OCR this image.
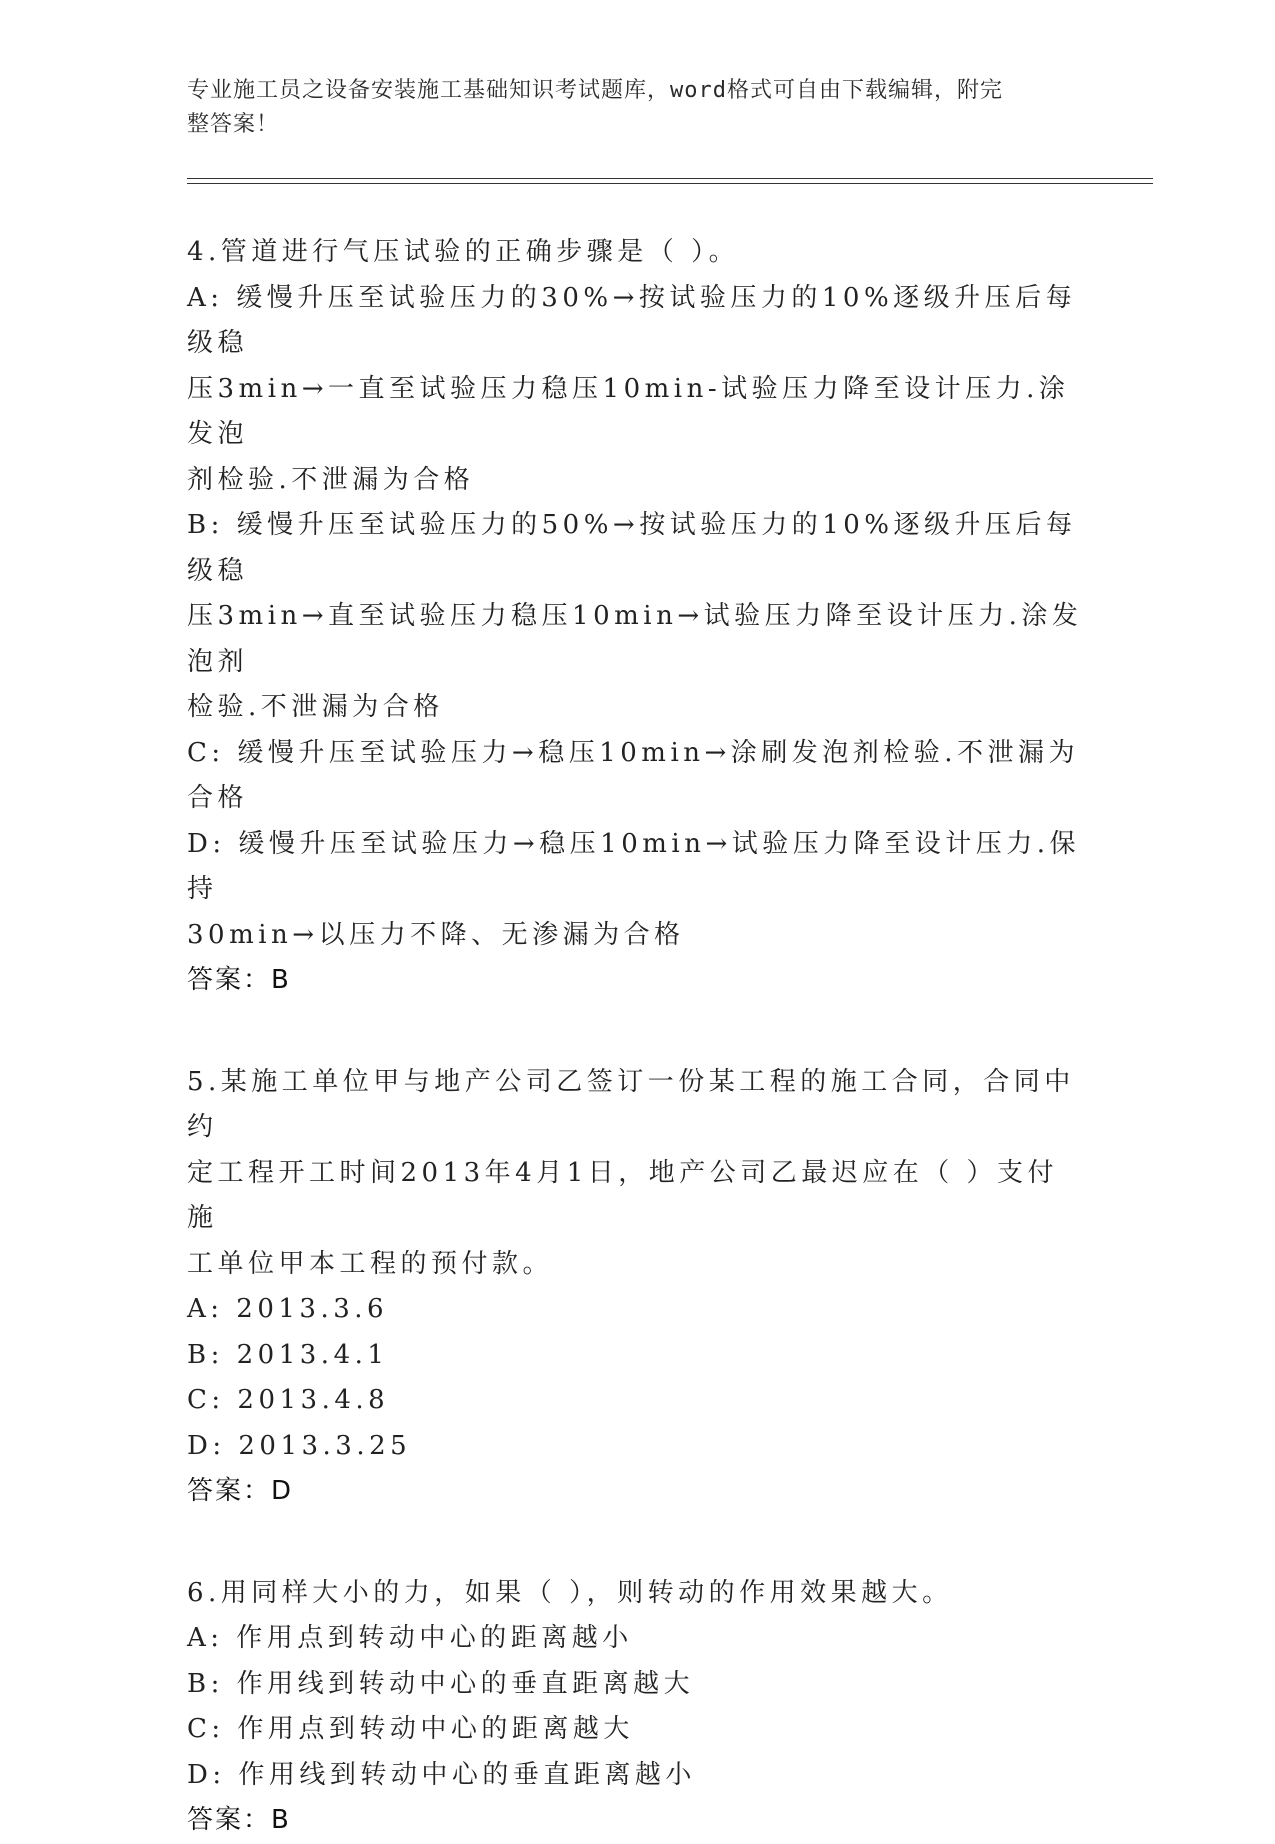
专业施工员之设备安装施工基础知识考试题库，word格式可自由下载编辑，附完
整答案！

4.管道进行气压试验的正确步骤是（ ）。

A: 缓慢升压至试验压力的30%→按试验压力的10%逐级升压后每级稳

压3min→一直至试验压力稳压10min-试验压力降至设计压力.涂发泡

剂检验.不泄漏为合格

B: 缓慢升压至试验压力的50%→按试验压力的10%逐级升压后每级稳

压3min→直至试验压力稳压10min→试验压力降至设计压力.涂发泡剂

检验.不泄漏为合格

C: 缓慢升压至试验压力→稳压10min→涂刷发泡剂检验.不泄漏为合格

D: 缓慢升压至试验压力→稳压10min→试验压力降至设计压力.保持

30min→以压力不降、无渗漏为合格

答案：B

5.某施工单位甲与地产公司乙签订一份某工程的施工合同，合同中约

定工程开工时间2013年4月1日，地产公司乙最迟应在（ ）支付施

工单位甲本工程的预付款。

A: 2013.3.6

B: 2013.4.1

C: 2013.4.8

D: 2013.3.25

答案：D

6.用同样大小的力，如果（ ），则转动的作用效果越大。

A: 作用点到转动中心的距离越小

B: 作用线到转动中心的垂直距离越大

C: 作用点到转动中心的距离越大

D: 作用线到转动中心的垂直距离越小

答案：B
